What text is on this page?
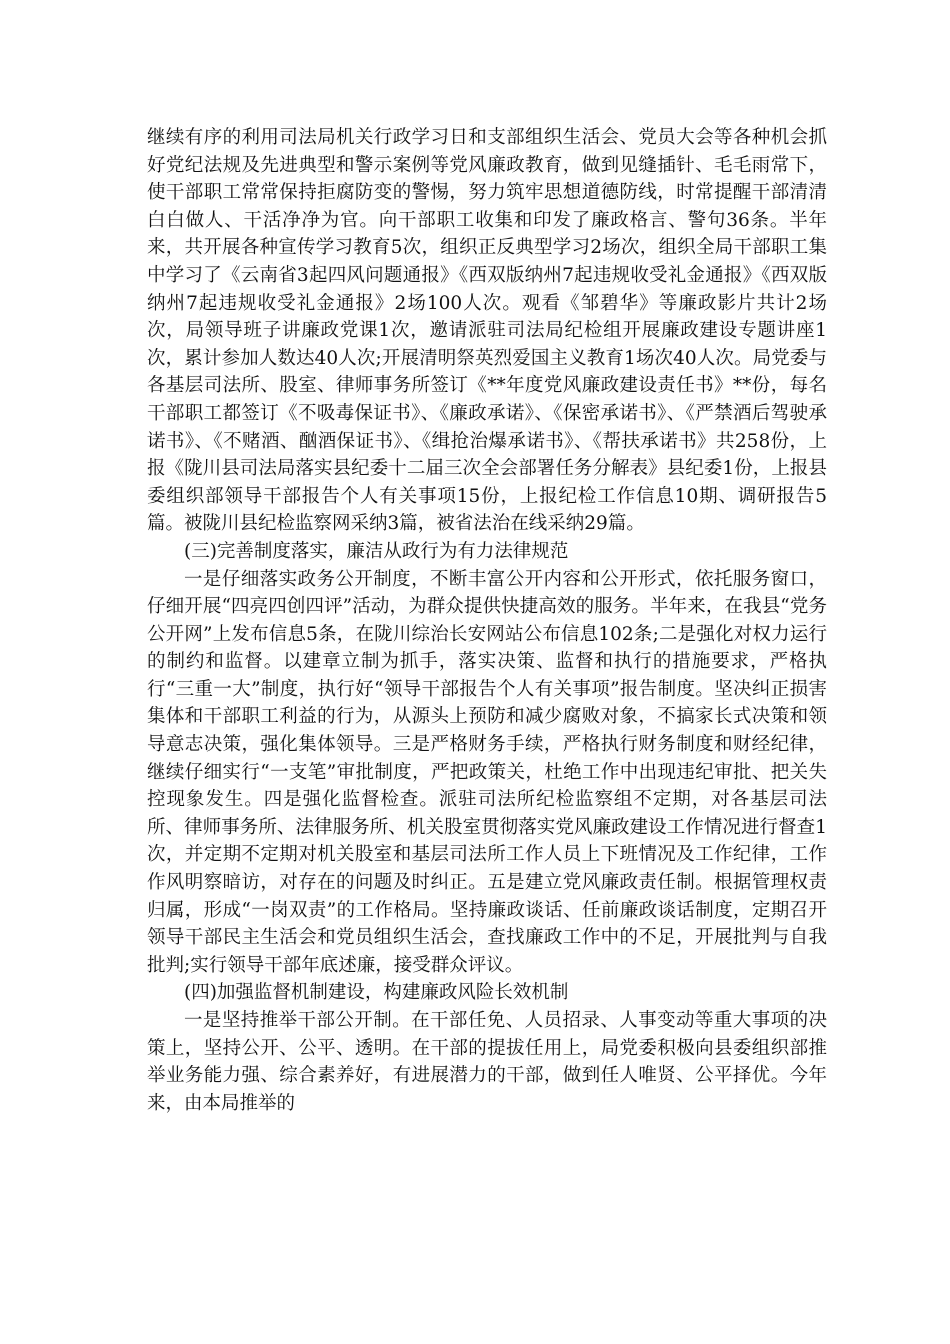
继续有序的利用司法局机关行政学习日和支部组织生活会、党员大会等各种机会抓好党纪法规及先进典型和警示案例等党风廉政教育，做到见缝插针、毛毛雨常下，使干部职工常常保持拒腐防变的警惕，努力筑牢思想道德防线，时常提醒干部清清白白做人、干活净净为官。向干部职工收集和印发了廉政格言、警句36条。半年来，共开展各种宣传学习教育5次，组织正反典型学习2场次，组织全局干部职工集中学习了《云南省3起四风问题通报》《西双版纳州7起违规收受礼金通报》《西双版纳州7起违规收受礼金通报》2场100人次。观看《邹碧华》等廉政影片共计2场次，局领导班子讲廉政党课1次，邀请派驻司法局纪检组开展廉政建设专题讲座1次，累计参加人数达40人次;开展清明祭英烈爱国主义教育1场次40人次。局党委与各基层司法所、股室、律师事务所签订《**年度党风廉政建设责任书》**份，每名干部职工都签订《不吸毒保证书》、《廉政承诺》、《保密承诺书》、《严禁酒后驾驶承诺书》、《不赌酒、酗酒保证书》、《缉抢治爆承诺书》、《帮扶承诺书》共258份，上报《陇川县司法局落实县纪委十二届三次全会部署任务分解表》县纪委1份，上报县委组织部领导干部报告个人有关事项15份，上报纪检工作信息10期、调研报告5篇。被陇川县纪检监察网采纳3篇，被省法治在线采纳29篇。

(三)完善制度落实，廉洁从政行为有力法律规范

一是仔细落实政务公开制度，不断丰富公开内容和公开形式，依托服务窗口，仔细开展“四亮四创四评”活动，为群众提供快捷高效的服务。半年来，在我县“党务公开网”上发布信息5条，在陇川综治长安网站公布信息102条;二是强化对权力运行的制约和监督。以建章立制为抓手，落实决策、监督和执行的措施要求，严格执行“三重一大”制度，执行好“领导干部报告个人有关事项”报告制度。坚决纠正损害集体和干部职工利益的行为，从源头上预防和减少腐败对象，不搞家长式决策和领导意志决策，强化集体领导。三是严格财务手续，严格执行财务制度和财经纪律，继续仔细实行“一支笔”审批制度，严把政策关，杜绝工作中出现违纪审批、把关失控现象发生。四是强化监督检查。派驻司法所纪检监察组不定期，对各基层司法所、律师事务所、法律服务所、机关股室贯彻落实党风廉政建设工作情况进行督查1次，并定期不定期对机关股室和基层司法所工作人员上下班情况及工作纪律，工作作风明察暗访，对存在的问题及时纠正。五是建立党风廉政责任制。根据管理权责归属，形成“一岗双责”的工作格局。坚持廉政谈话、任前廉政谈话制度，定期召开领导干部民主生活会和党员组织生活会，查找廉政工作中的不足，开展批判与自我批判;实行领导干部年底述廉，接受群众评议。

(四)加强监督机制建设，构建廉政风险长效机制

一是坚持推举干部公开制。在干部任免、人员招录、人事变动等重大事项的决策上，坚持公开、公平、透明。在干部的提拔任用上，局党委积极向县委组织部推举业务能力强、综合素养好，有进展潜力的干部，做到任人唯贤、公平择优。今年来，由本局推举的
